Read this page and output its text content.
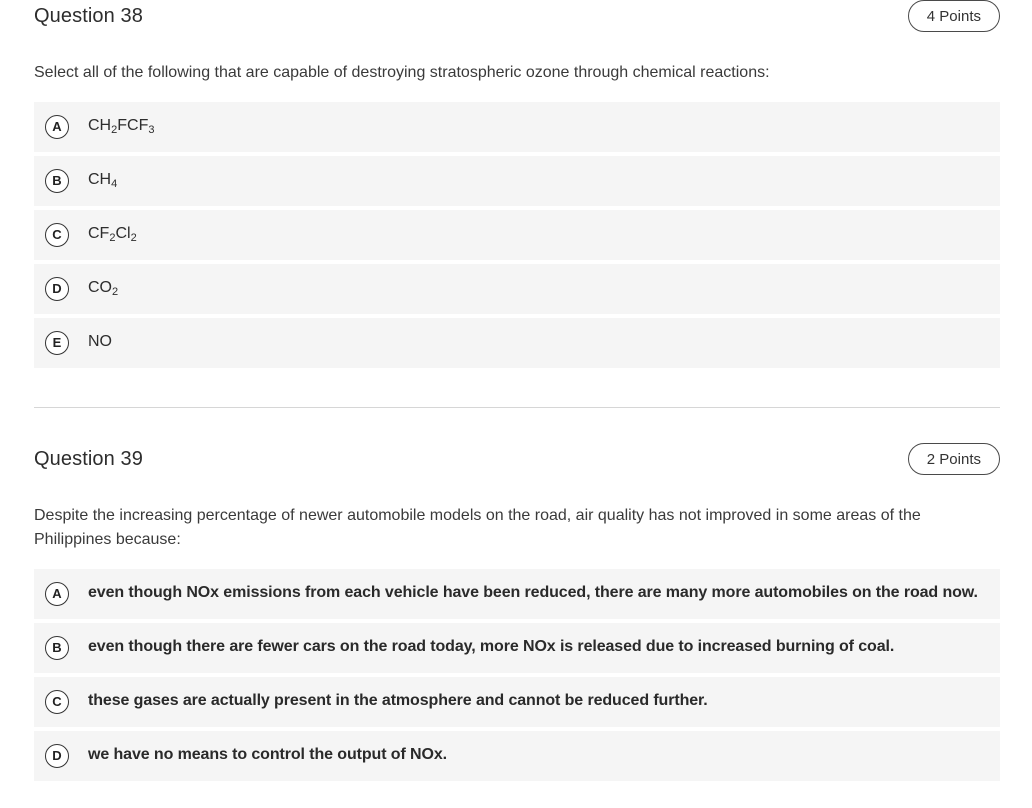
Question 38	4 Points
Select all of the following that are capable of destroying stratospheric ozone through chemical reactions:
A	$CH_2FCF_3$
B	$CH_4$
C	$CF_2Cl_2$
D	$CO_2$
E	NO
Question 39	2 Points
Despite the increasing percentage of newer automobile models on the road, air quality has not improved in some areas of the Philippines because:
A	even though NOx emissions from each vehicle have been reduced, there are many more automobiles on the road now.
B	even though there are fewer cars on the road today, more NOx is released due to increased burning of coal.
C	these gases are actually present in the atmosphere and cannot be reduced further.
D	we have no means to control the output of NOx.
